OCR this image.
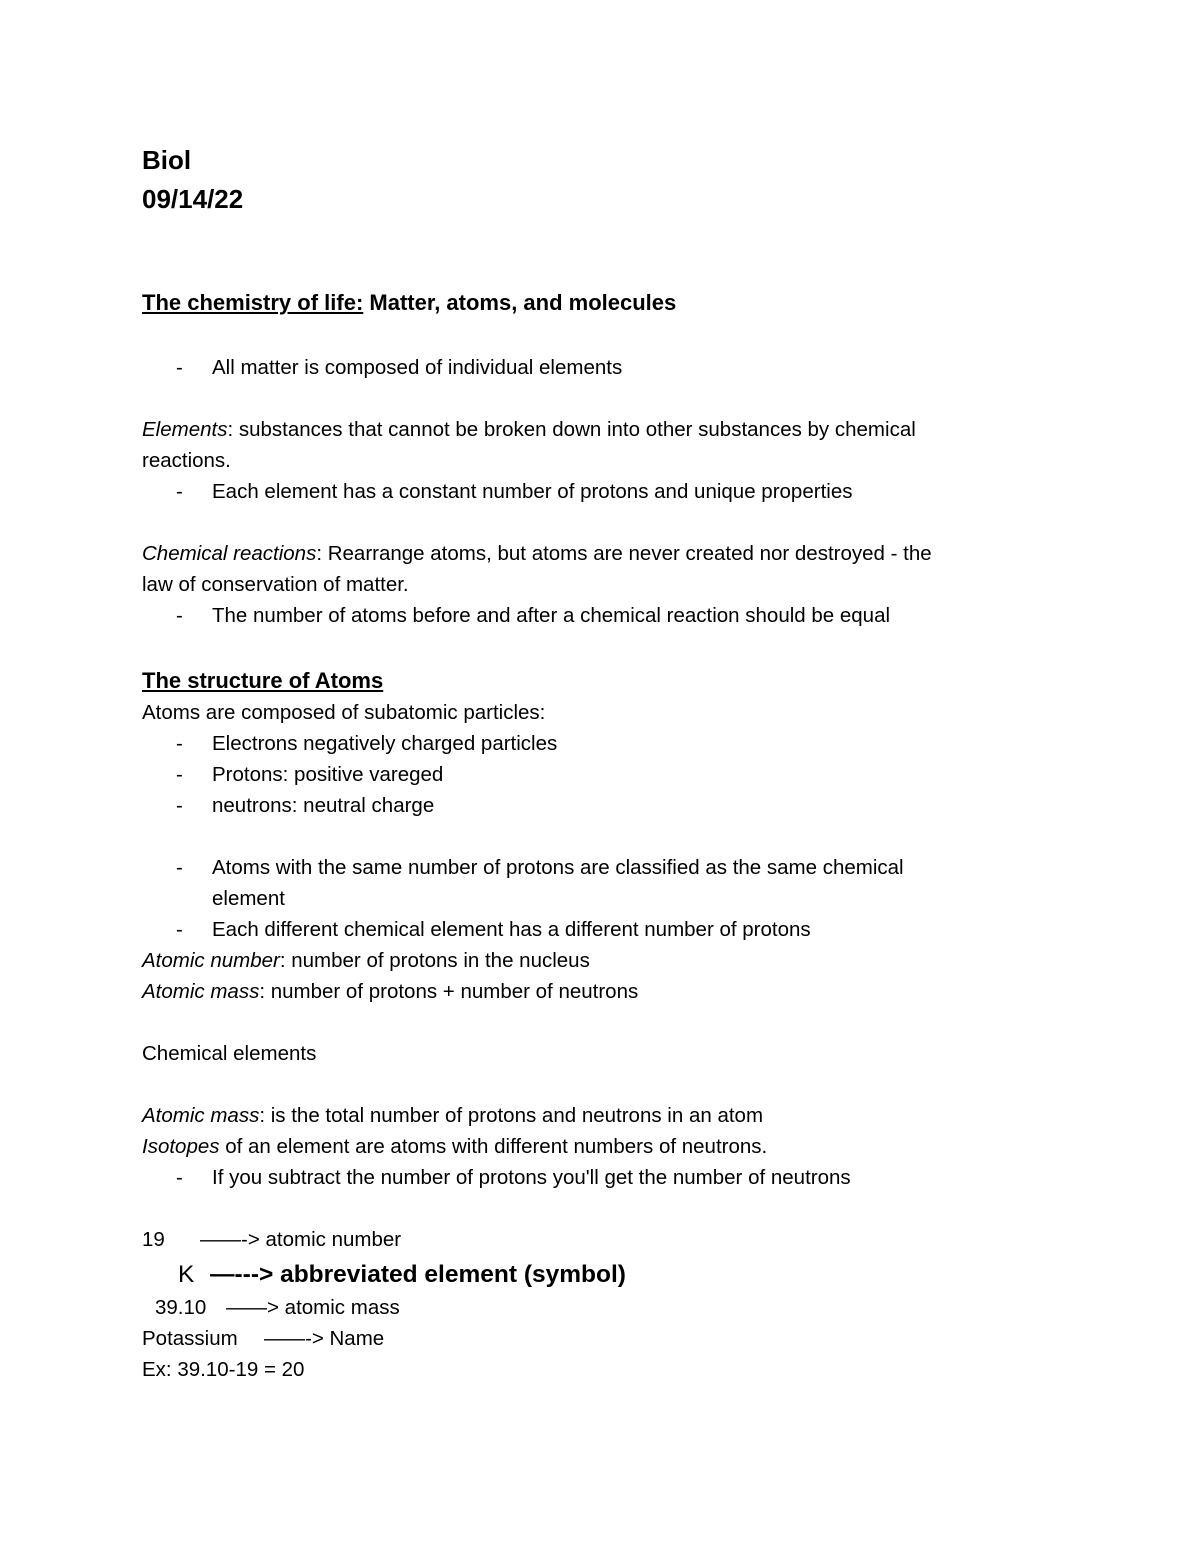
Biol
09/14/22
The chemistry of life: Matter, atoms, and molecules
- All matter is composed of individual elements
Elements: substances that cannot be broken down into other substances by chemical
reactions.
- Each element has a constant number of protons and unique properties
Chemical reactions: Rearrange atoms, but atoms are never created nor destroyed - the
law of conservation of matter.
- The number of atoms before and after a chemical reaction should be equal
The structure of Atoms
Atoms are composed of subatomic particles:
- Electrons negatively charged particles
- Protons: positive vareged
- neutrons: neutral charge
- Atoms with the same number of protons are classified as the same chemical
element
- Each different chemical element has a different number of protons
Atomic number: number of protons in the nucleus
Atomic mass: number of protons + number of neutrons
Chemical elements
Atomic mass: is the total number of protons and neutrons in an atom
Isotopes of an element are atoms with different numbers of neutrons.
- If you subtract the number of protons you'll get the number of neutrons
19 ——-> atomic number
K —---> abbreviated element (symbol)
39.10 ——> atomic mass
Potassium ——-> Name
Ex: 39.10-19 = 20
